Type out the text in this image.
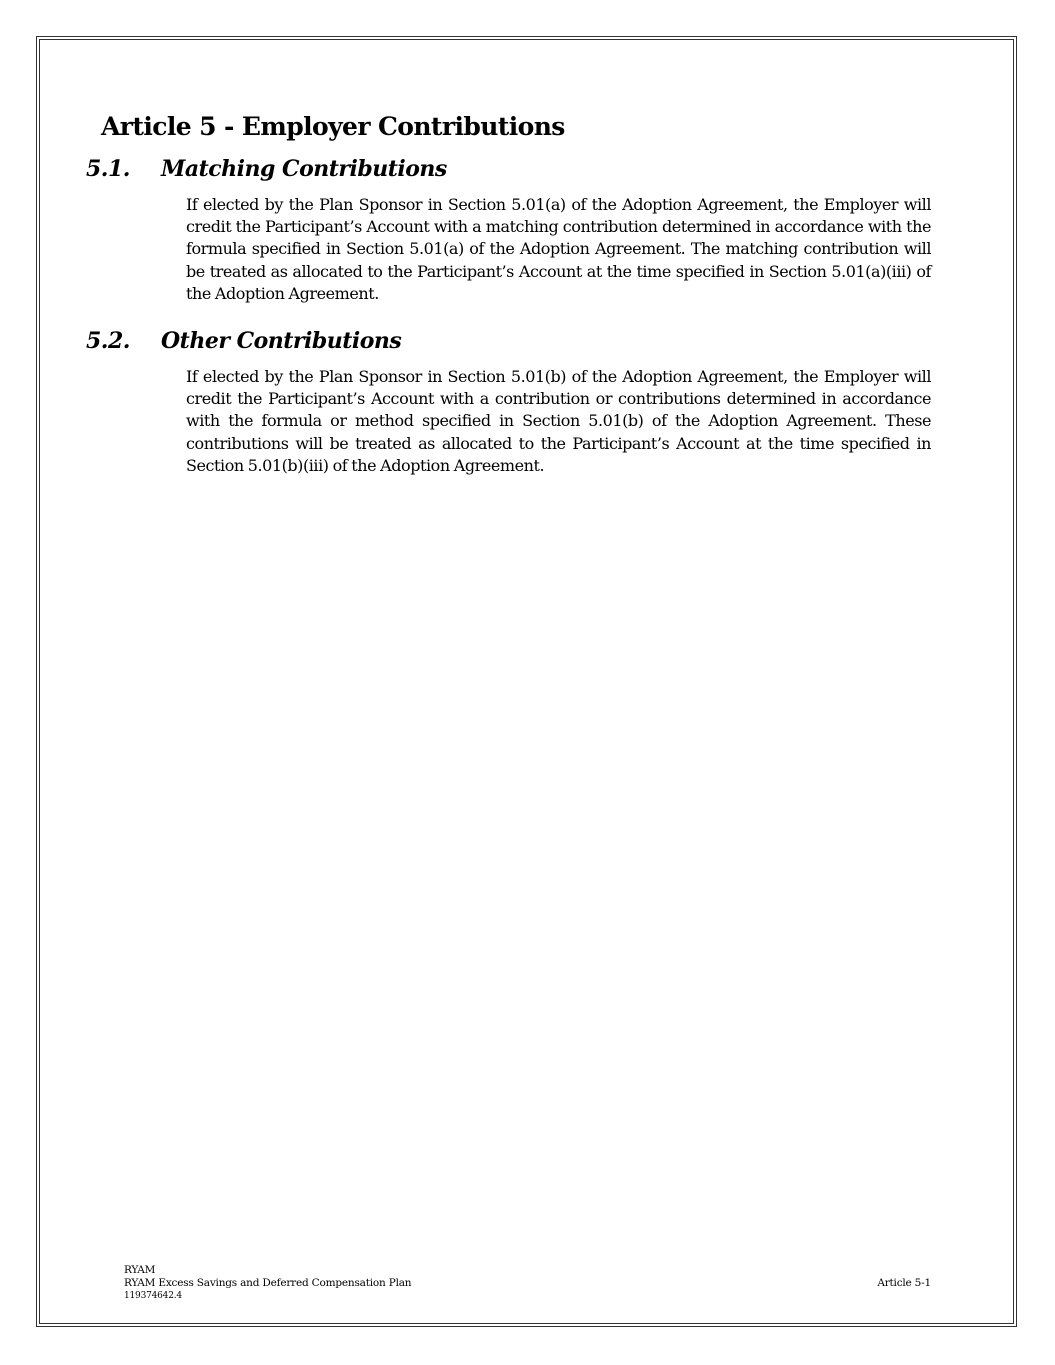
Article 5 - Employer Contributions
5.1. Matching Contributions
If elected by the Plan Sponsor in Section 5.01(a) of the Adoption Agreement, the Employer will credit the Participant’s Account with a matching contribution determined in accordance with the formula specified in Section 5.01(a) of the Adoption Agreement. The matching contribution will be treated as allocated to the Participant’s Account at the time specified in Section 5.01(a)(iii) of the Adoption Agreement.
5.2. Other Contributions
If elected by the Plan Sponsor in Section 5.01(b) of the Adoption Agreement, the Employer will credit the Participant’s Account with a contribution or contributions determined in accordance with the formula or method specified in Section 5.01(b) of the Adoption Agreement. These contributions will be treated as allocated to the Participant’s Account at the time specified in Section 5.01(b)(iii) of the Adoption Agreement.
RYAM
RYAM Excess Savings and Deferred Compensation Plan
119374642.4
Article 5-1
